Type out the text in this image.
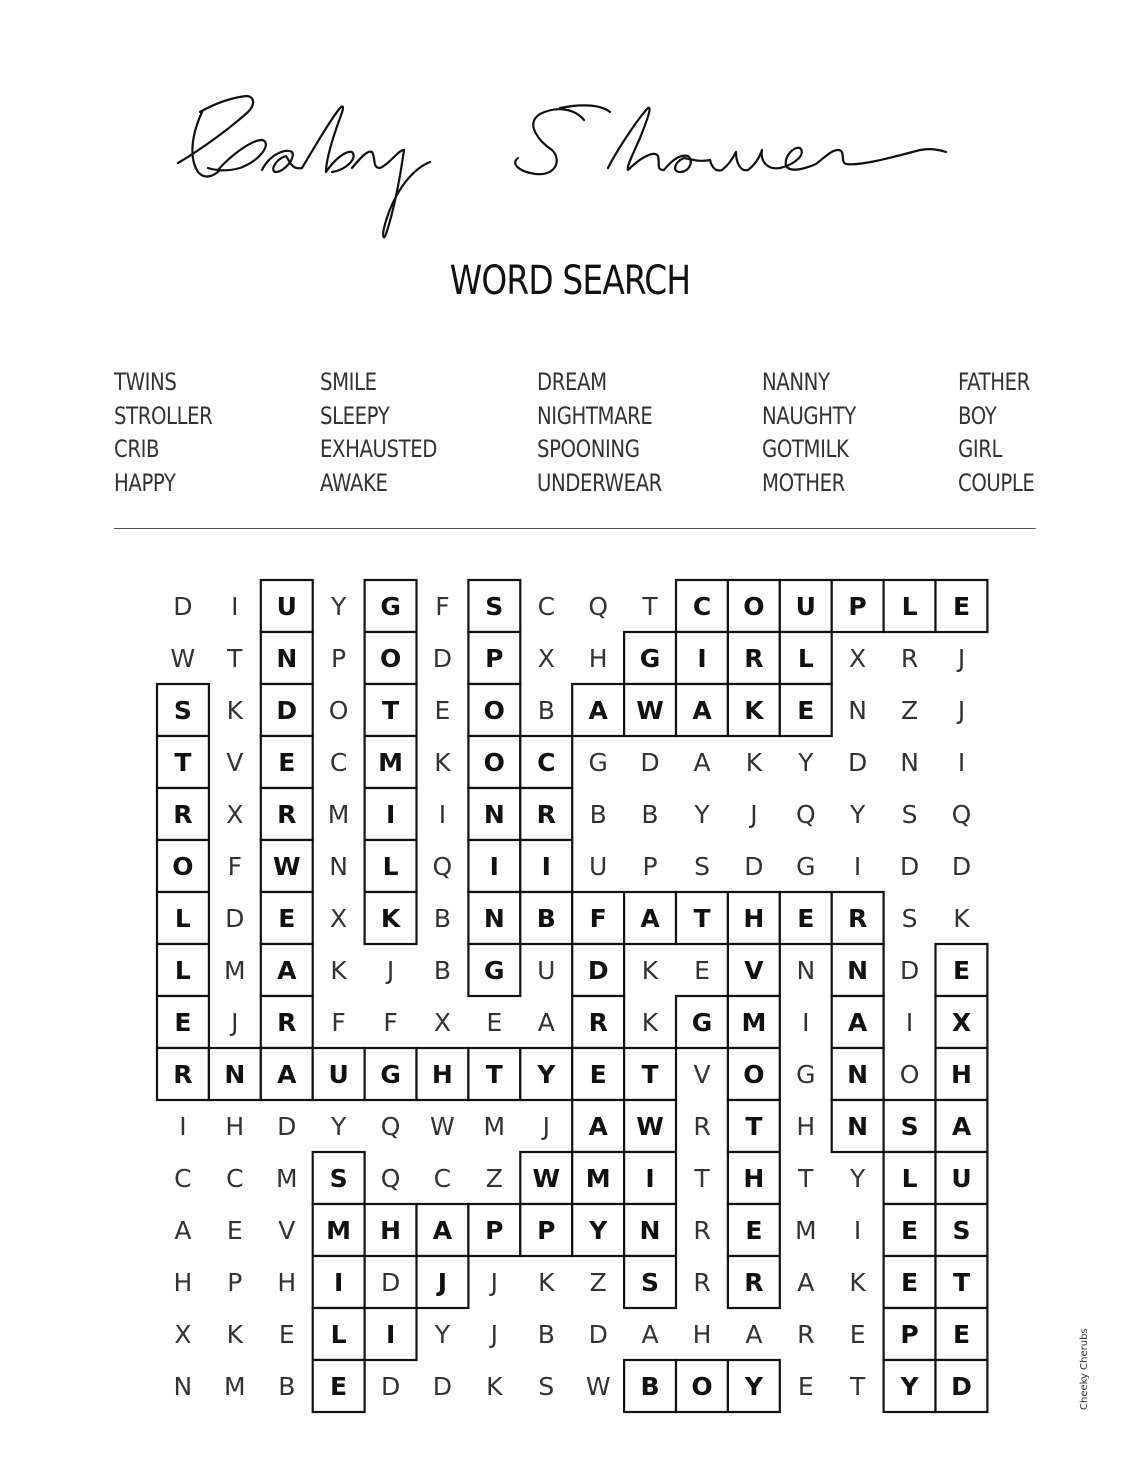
WORD SEARCH
TWINS
STROLLER
CRIB
HAPPY
SMILE
SLEEPY
EXHAUSTED
AWAKE
DREAM
NIGHTMARE
SPOONING
UNDERWEAR
NANNY
NAUGHTY
GOTMILK
MOTHER
FATHER
BOY
GIRL
COUPLE
D I U Y G F S C Q T C O U P L E
W T N P O D P X H G I R L X R J
S K D O T E O B A W A K E N Z J
T V E C M K O C G D A K Y D N I
R X R M I I N R B B Y J Q Y S Q
O F W N L Q I I U P S D G I D D
L D E X K B N B F A T H E R S K
L M A K J B G U D K E V N N D E
E J R F F X E A R K G M I A I X
R N A U G H T Y E T V O G N O H
I H D Y Q W M J A W R T H N S A
C C M S Q C Z W M I T H T Y L U
A E V M H A P P Y N R E M I E S
H P H I D J J K Z S R R A K E T
X K E L I Y J B D A H A R E P E
N M B E D D K S W B O Y E T Y D	Cheeky Cherubs
